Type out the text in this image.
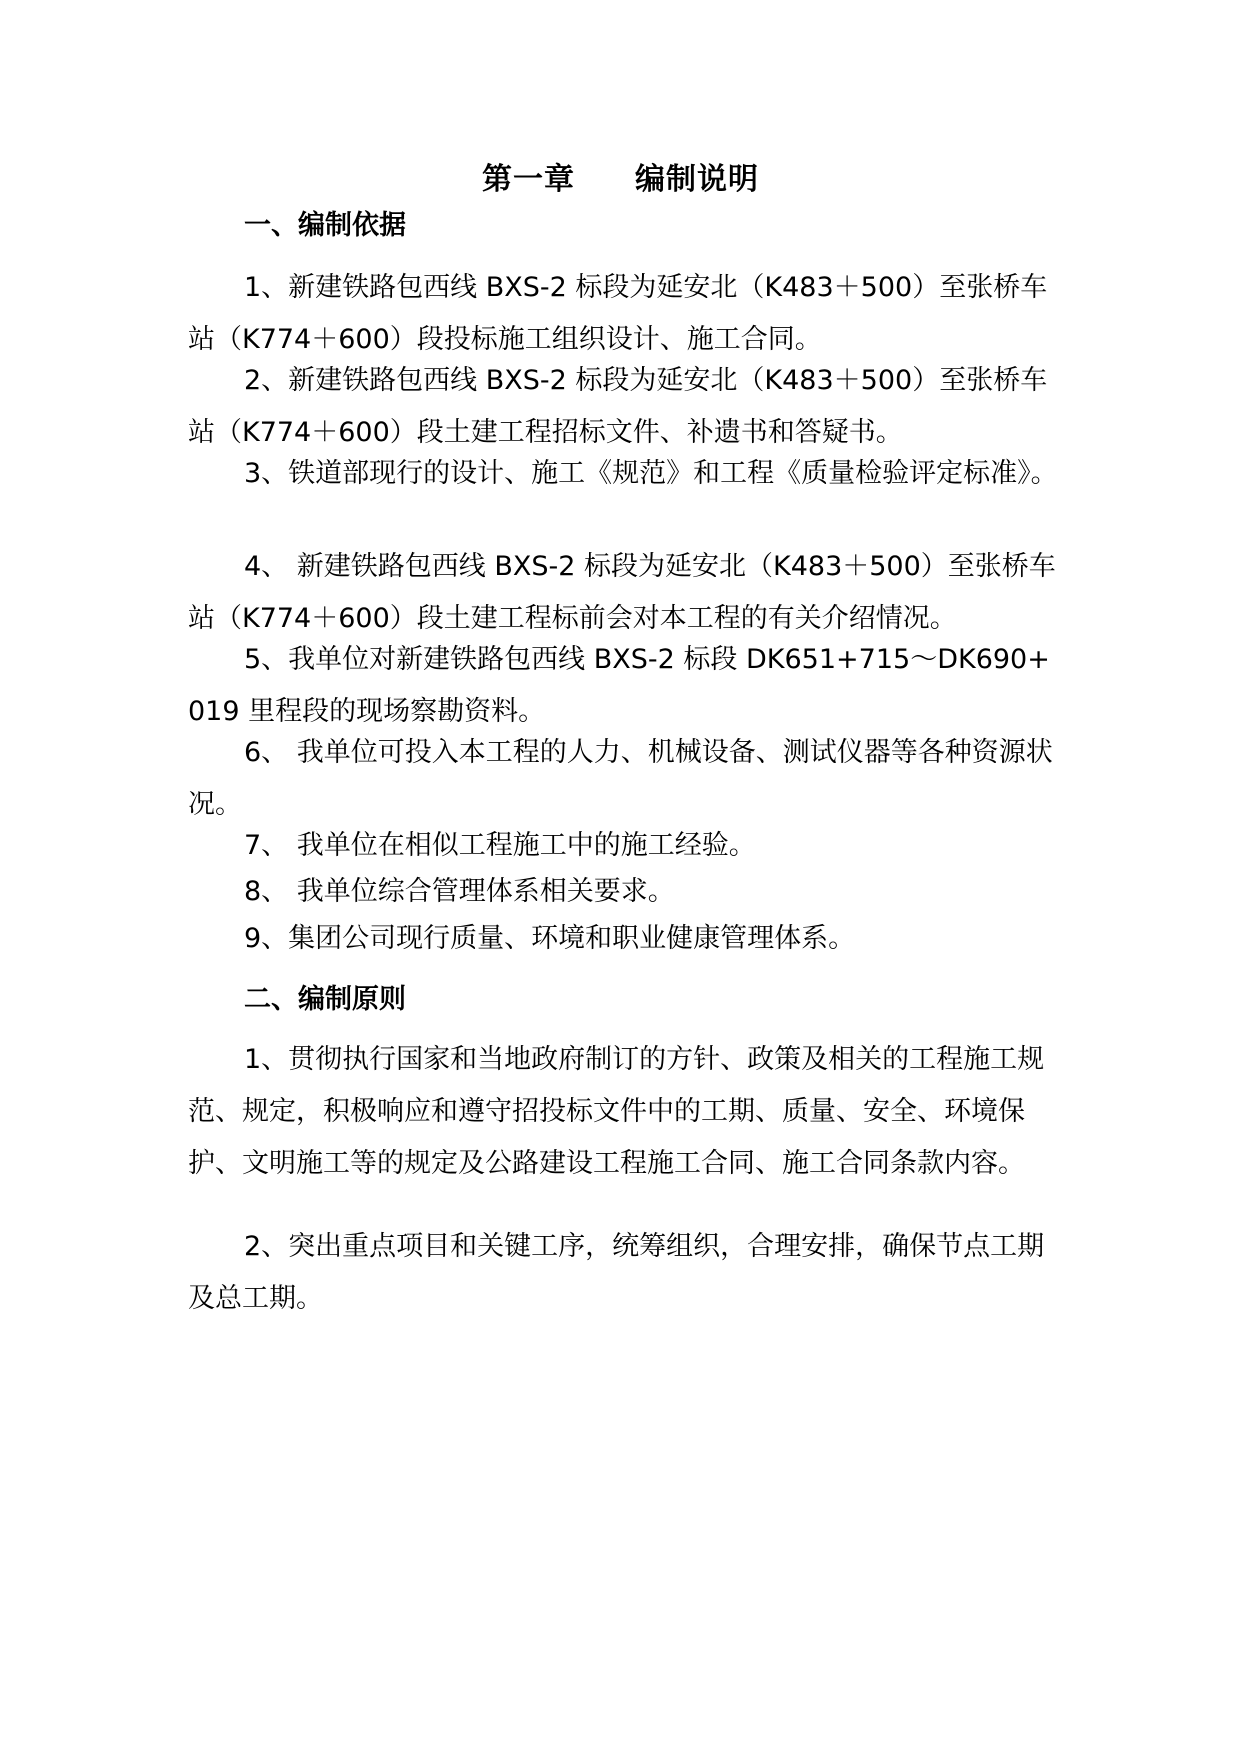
第一章 编制说明
一、编制依据

1、新建铁路包西线 BXS-2 标段为延安北（K483＋500）至张桥车站（K774＋600）段投标施工组织设计、施工合同。

2、新建铁路包西线 BXS-2 标段为延安北（K483＋500）至张桥车站（K774＋600）段土建工程招标文件、补遗书和答疑书。

3、铁道部现行的设计、施工《规范》和工程《质量检验评定标准》。

4、 新建铁路包西线 BXS-2 标段为延安北（K483＋500）至张桥车站（K774＋600）段土建工程标前会对本工程的有关介绍情况。

5、我单位对新建铁路包西线 BXS-2 标段 DK651+715～DK690+019 里程段的现场察勘资料。

6、 我单位可投入本工程的人力、机械设备、测试仪器等各种资源状况。

7、 我单位在相似工程施工中的施工经验。

8、 我单位综合管理体系相关要求。

9、集团公司现行质量、环境和职业健康管理体系。

二、编制原则

1、贯彻执行国家和当地政府制订的方针、政策及相关的工程施工规范、规定，积极响应和遵守招投标文件中的工期、质量、安全、环境保护、文明施工等的规定及公路建设工程施工合同、施工合同条款内容。

2、突出重点项目和关键工序，统筹组织，合理安排，确保节点工期及总工期。
